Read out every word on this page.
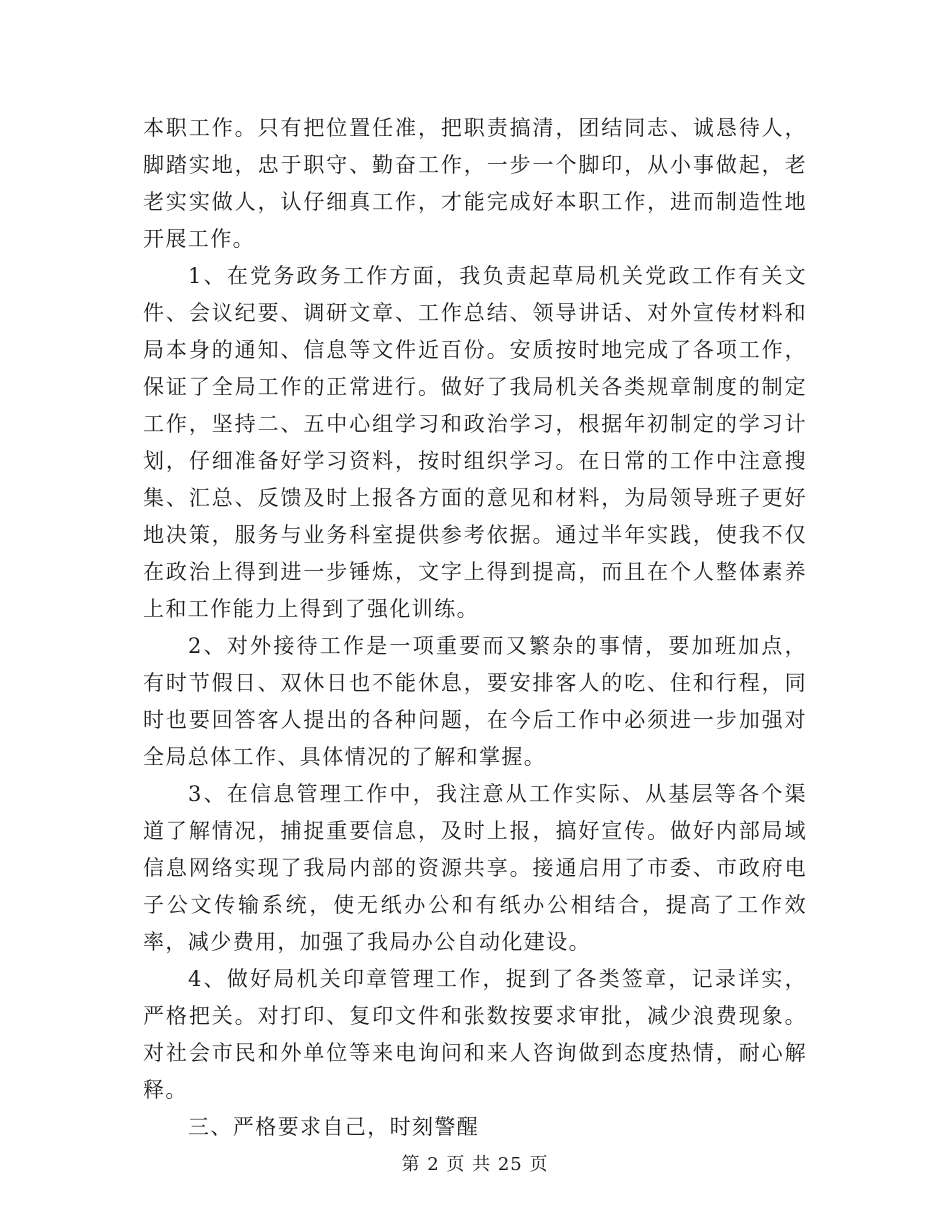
本职工作。只有把位置任准，把职责搞清，团结同志、诚恳待人，脚踏实地，忠于职守、勤奋工作，一步一个脚印，从小事做起，老老实实做人，认仔细真工作，才能完成好本职工作，进而制造性地开展工作。

1、在党务政务工作方面，我负责起草局机关党政工作有关文件、会议纪要、调研文章、工作总结、领导讲话、对外宣传材料和局本身的通知、信息等文件近百份。安质按时地完成了各项工作，保证了全局工作的正常进行。做好了我局机关各类规章制度的制定工作，坚持二、五中心组学习和政治学习，根据年初制定的学习计划，仔细准备好学习资料，按时组织学习。在日常的工作中注意搜集、汇总、反馈及时上报各方面的意见和材料，为局领导班子更好地决策，服务与业务科室提供参考依据。通过半年实践，使我不仅在政治上得到进一步锤炼，文字上得到提高，而且在个人整体素养上和工作能力上得到了强化训练。

2、对外接待工作是一项重要而又繁杂的事情，要加班加点，有时节假日、双休日也不能休息，要安排客人的吃、住和行程，同时也要回答客人提出的各种问题，在今后工作中必须进一步加强对全局总体工作、具体情况的了解和掌握。

3、在信息管理工作中，我注意从工作实际、从基层等各个渠道了解情况，捕捉重要信息，及时上报，搞好宣传。做好内部局域信息网络实现了我局内部的资源共享。接通启用了市委、市政府电子公文传输系统，使无纸办公和有纸办公相结合，提高了工作效率，减少费用，加强了我局办公自动化建设。

4、做好局机关印章管理工作，捉到了各类签章，记录详实，严格把关。对打印、复印文件和张数按要求审批，减少浪费现象。对社会市民和外单位等来电询问和来人咨询做到态度热情，耐心解释。

三、严格要求自己，时刻警醒

第 2 页 共 25 页
